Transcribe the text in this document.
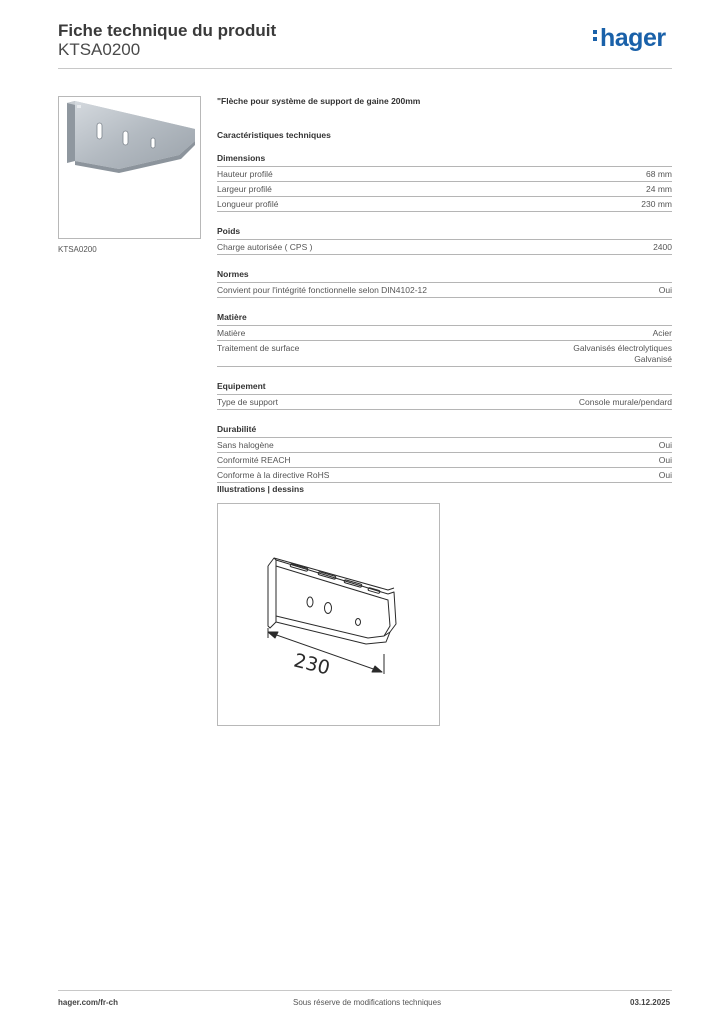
Fiche technique du produit
KTSA0200	hager
KTSA0200
"Flèche pour système de support de gaine 200mm
Caractéristiques techniques
Dimensions
Hauteur profilé	68 mm
Largeur profilé	24 mm
Longueur profilé	230 mm
Poids
Charge autorisée ( CPS )	2400
Normes
Convient pour l'intégrité fonctionnelle selon DIN4102-12	Oui
Matière
Matière	Acier
Traitement de surface	Galvanisés électrolytiques
Galvanisé
Equipement
Type de support	Console murale/pendard
Durabilité
Sans halogène	Oui
Conformité REACH	Oui
Conforme à la directive RoHS	Oui
Illustrations | dessins
230
hager.com/fr-ch	Sous réserve de modifications techniques	03.12.2025
